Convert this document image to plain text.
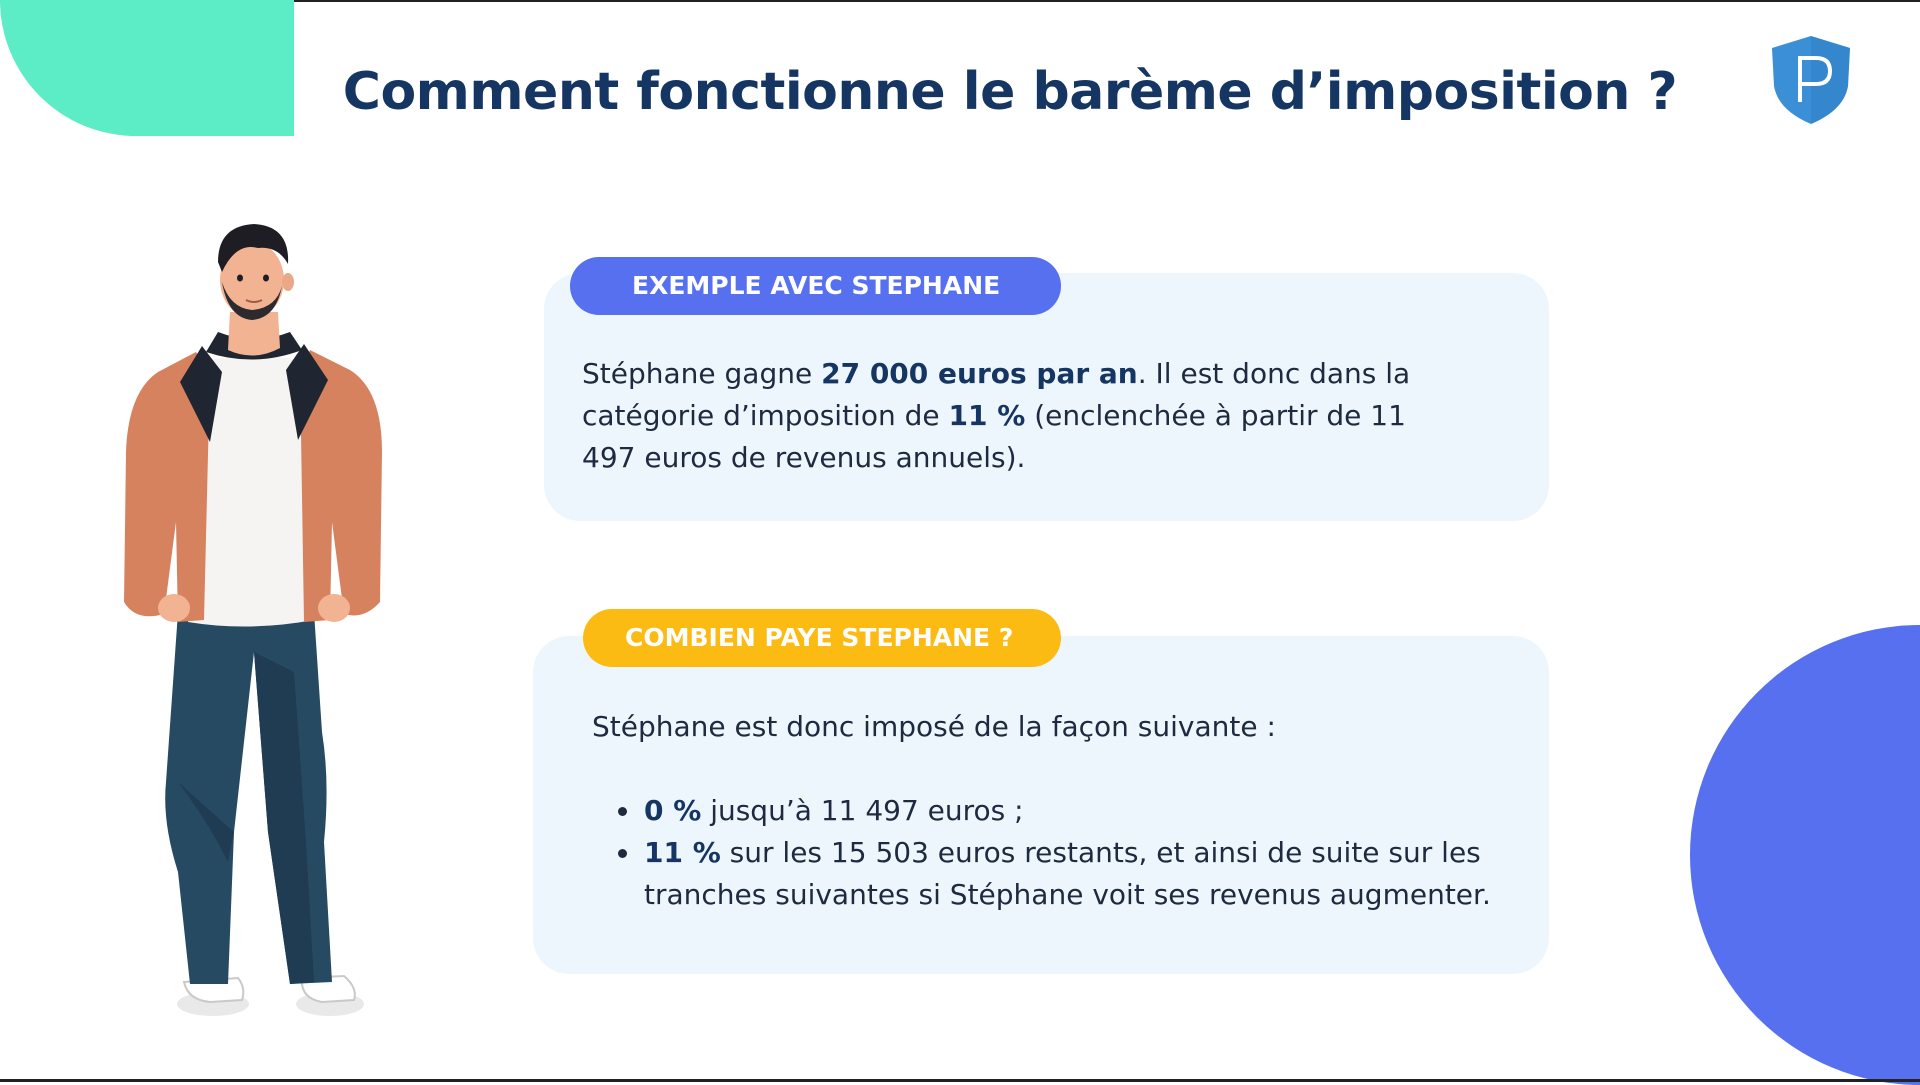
Comment fonctionne le barème d’imposition ?
EXEMPLE AVEC STEPHANE

Stéphane gagne 27 000 euros par an. Il est donc dans la catégorie d’imposition de 11 % (enclenchée à partir de 11 497 euros de revenus annuels).

COMBIEN PAYE STEPHANE ?

Stéphane est donc imposé de la façon suivante :

0 % jusqu’à 11 497 euros ;
11 % sur les 15 503 euros restants, et ainsi de suite sur les tranches suivantes si Stéphane voit ses revenus augmenter.
